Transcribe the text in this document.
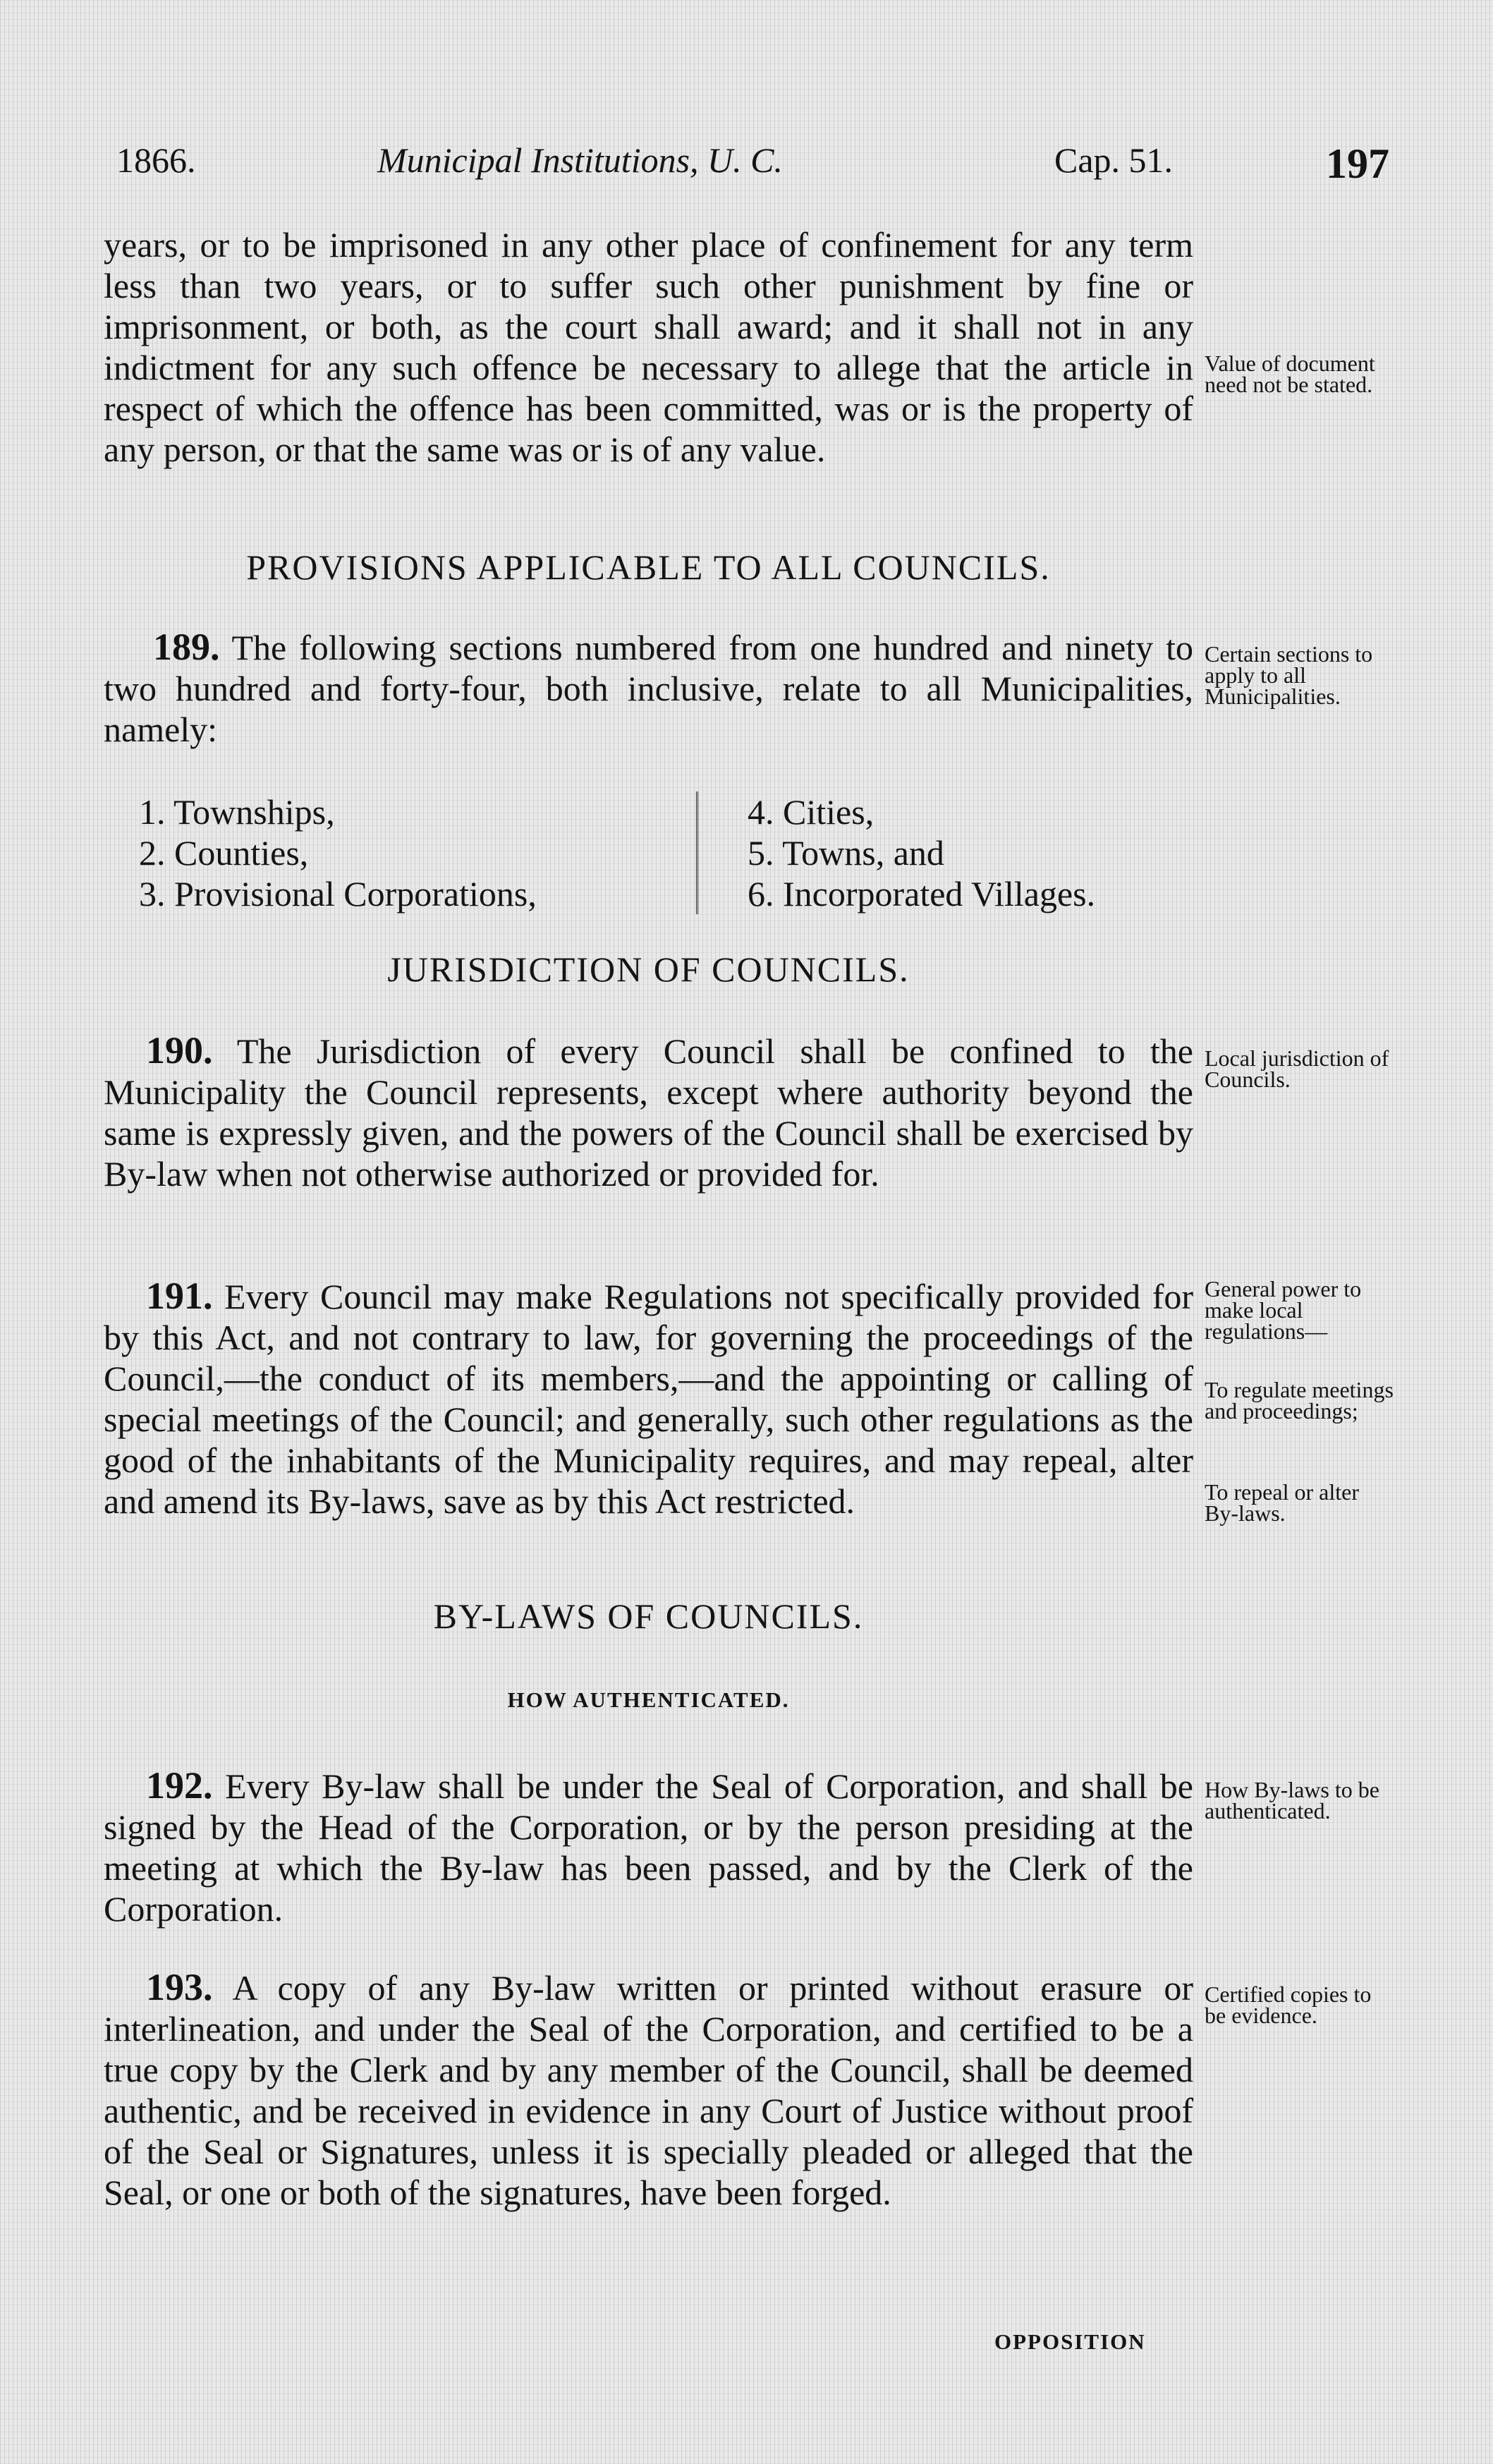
1866.	Municipal Institutions, U. C.	Cap. 51.	197

years, or to be imprisoned in any other place of confinement for any term less than two years, or to suffer such other punishment by fine or imprisonment, or both, as the court shall award; and it shall not in any indictment for any such offence be necessary to allege that the article in respect of which the offence has been committed, was or is the property of any person, or that the same was or is of any value.

PROVISIONS APPLICABLE TO ALL COUNCILS.

189. The following sections numbered from one hundred and ninety to two hundred and forty-four, both inclusive, relate to all Municipalities, namely:

1. Townships,
2. Counties,
3. Provisional Corporations,
4. Cities,
5. Towns, and
6. Incorporated Villages.

JURISDICTION OF COUNCILS.

190. The Jurisdiction of every Council shall be confined to the Municipality the Council represents, except where authority beyond the same is expressly given, and the powers of the Council shall be exercised by By-law when not otherwise authorized or provided for.

191. Every Council may make Regulations not specifically provided for by this Act, and not contrary to law, for governing the proceedings of the Council,—the conduct of its members,—and the appointing or calling of special meetings of the Council; and generally, such other regulations as the good of the inhabitants of the Municipality requires, and may repeal, alter and amend its By-laws, save as by this Act restricted.

BY-LAWS OF COUNCILS.

HOW AUTHENTICATED.

192. Every By-law shall be under the Seal of Corporation, and shall be signed by the Head of the Corporation, or by the person presiding at the meeting at which the By-law has been passed, and by the Clerk of the Corporation.

193. A copy of any By-law written or printed without erasure or interlineation, and under the Seal of the Corporation, and certified to be a true copy by the Clerk and by any member of the Council, shall be deemed authentic, and be received in evidence in any Court of Justice without proof of the Seal or Signatures, unless it is specially pleaded or alleged that the Seal, or one or both of the signatures, have been forged.

Value of document need not be stated.

Certain sections to apply to all Municipalities.

Local jurisdiction of Councils.

General power to make local regulations—

To regulate meetings and proceedings;

To repeal or alter By-laws.

How By-laws to be authenticated.

Certified copies to be evidence.

OPPOSITION
